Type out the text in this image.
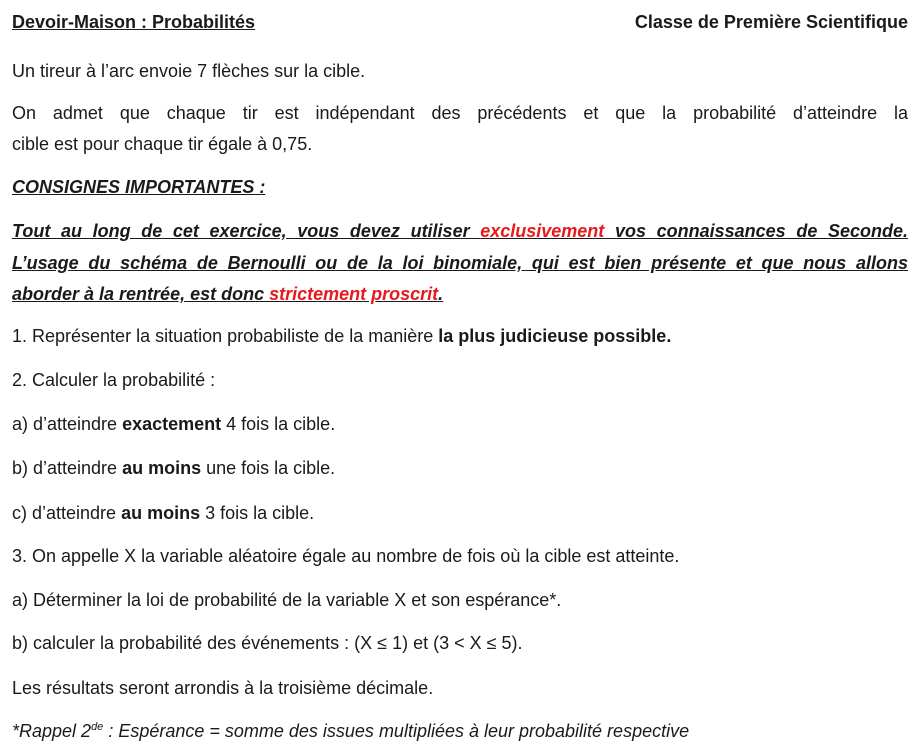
Devoir-Maison : Probabilités	Classe de Première Scientifique

Un tireur à l’arc envoie 7 flèches sur la cible.

On admet que chaque tir est indépendant des précédents et que la probabilité d’atteindre la

cible est pour chaque tir égale à 0,75.

CONSIGNES IMPORTANTES :

Tout au long de cet exercice, vous devez utiliser exclusivement vos connaissances de Seconde.

L’usage du schéma de Bernoulli ou de la loi binomiale, qui est bien présente et que nous allons

aborder à la rentrée, est donc strictement proscrit.

1. Représenter la situation probabiliste de la manière la plus judicieuse possible.

2. Calculer la probabilité :

a) d’atteindre exactement 4 fois la cible.

b) d’atteindre au moins une fois la cible.

c) d’atteindre au moins 3 fois la cible.

3. On appelle X la variable aléatoire égale au nombre de fois où la cible est atteinte.

a) Déterminer la loi de probabilité de la variable X et son espérance*.

b) calculer la probabilité des événements : (X ≤ 1) et (3 < X ≤ 5).

Les résultats seront arrondis à la troisième décimale.

*Rappel 2de : Espérance = somme des issues multipliées à leur probabilité respective
